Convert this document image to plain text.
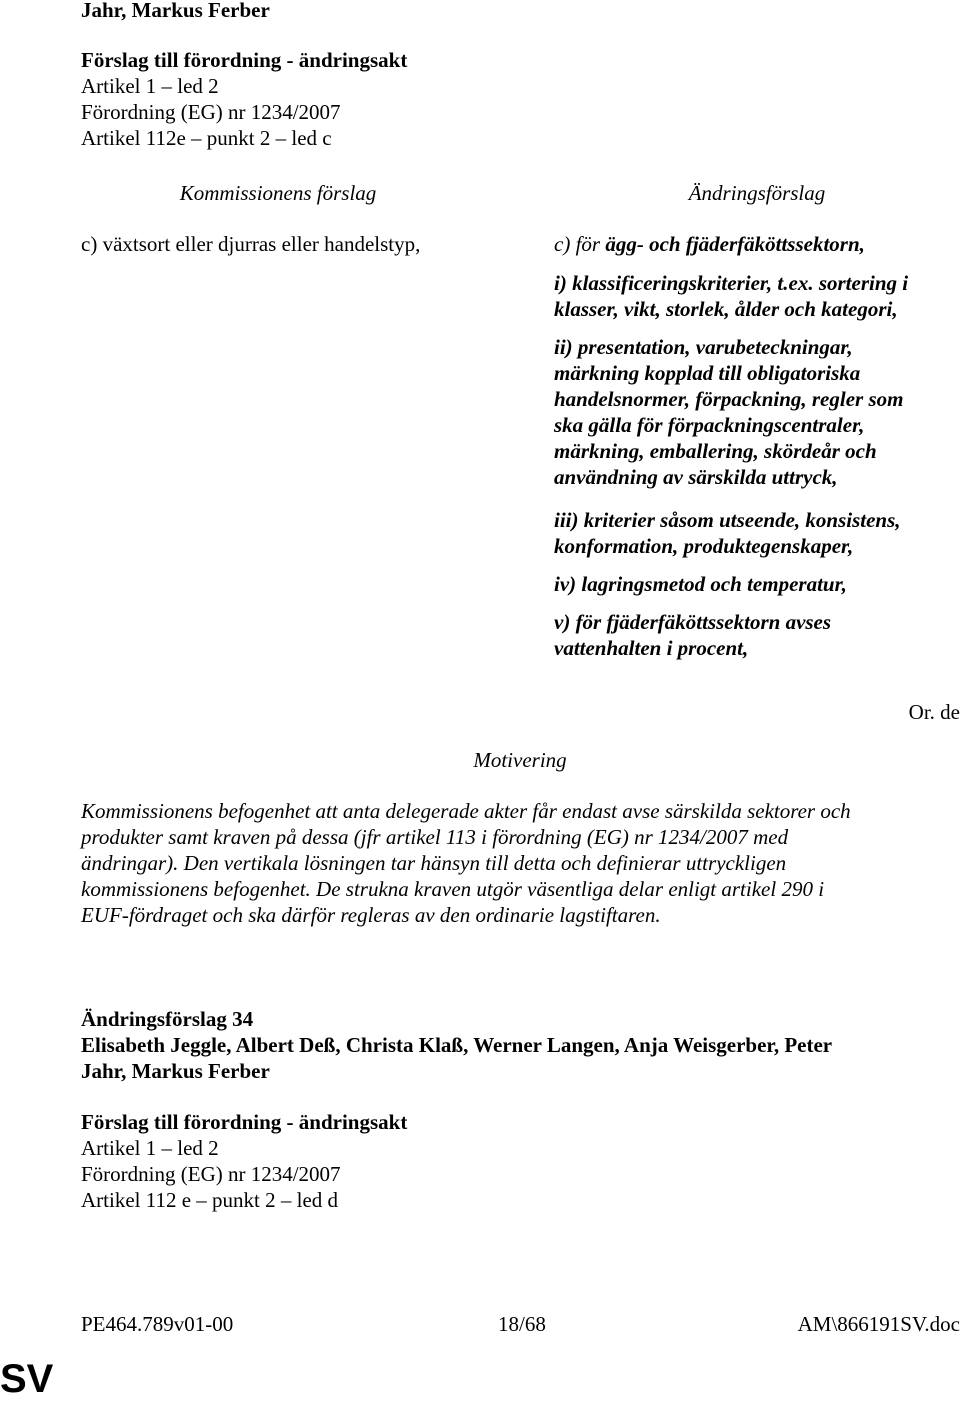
Jahr, Markus Ferber
Förslag till förordning - ändringsakt
Artikel 1 – led 2
Förordning (EG) nr 1234/2007
Artikel 112e – punkt 2 – led c
Kommissionens förslag	Ändringsförslag
c) växtsort eller djurras eller handelstyp,	c) för ägg- och fjäderfäköttssektorn,

i) klassificeringskriterier, t.ex. sortering i

klasser, vikt, storlek, ålder och kategori,

ii) presentation, varubeteckningar,

märkning kopplad till obligatoriska

handelsnormer, förpackning, regler som

ska gälla för förpackningscentraler,

märkning, emballering, skördeår och

användning av särskilda uttryck,

iii) kriterier såsom utseende, konsistens,

konformation, produktegenskaper,

iv) lagringsmetod och temperatur,

v) för fjäderfäköttssektorn avses

vattenhalten i procent,

Or. de
Motivering

Kommissionens befogenhet att anta delegerade akter får endast avse särskilda sektorer och

produkter samt kraven på dessa (jfr artikel 113 i förordning (EG) nr 1234/2007 med

ändringar). Den vertikala lösningen tar hänsyn till detta och definierar uttryckligen

kommissionens befogenhet. De strukna kraven utgör väsentliga delar enligt artikel 290 i

EUF-fördraget och ska därför regleras av den ordinarie lagstiftaren.

Ändringsförslag 34

Elisabeth Jeggle, Albert Deß, Christa Klaß, Werner Langen, Anja Weisgerber, Peter

Jahr, Markus Ferber

Förslag till förordning - ändringsakt
Artikel 1 – led 2
Förordning (EG) nr 1234/2007
Artikel 112 e – punkt 2 – led d
PE464.789v01-00	18/68	AM\866191SV.doc
SV
